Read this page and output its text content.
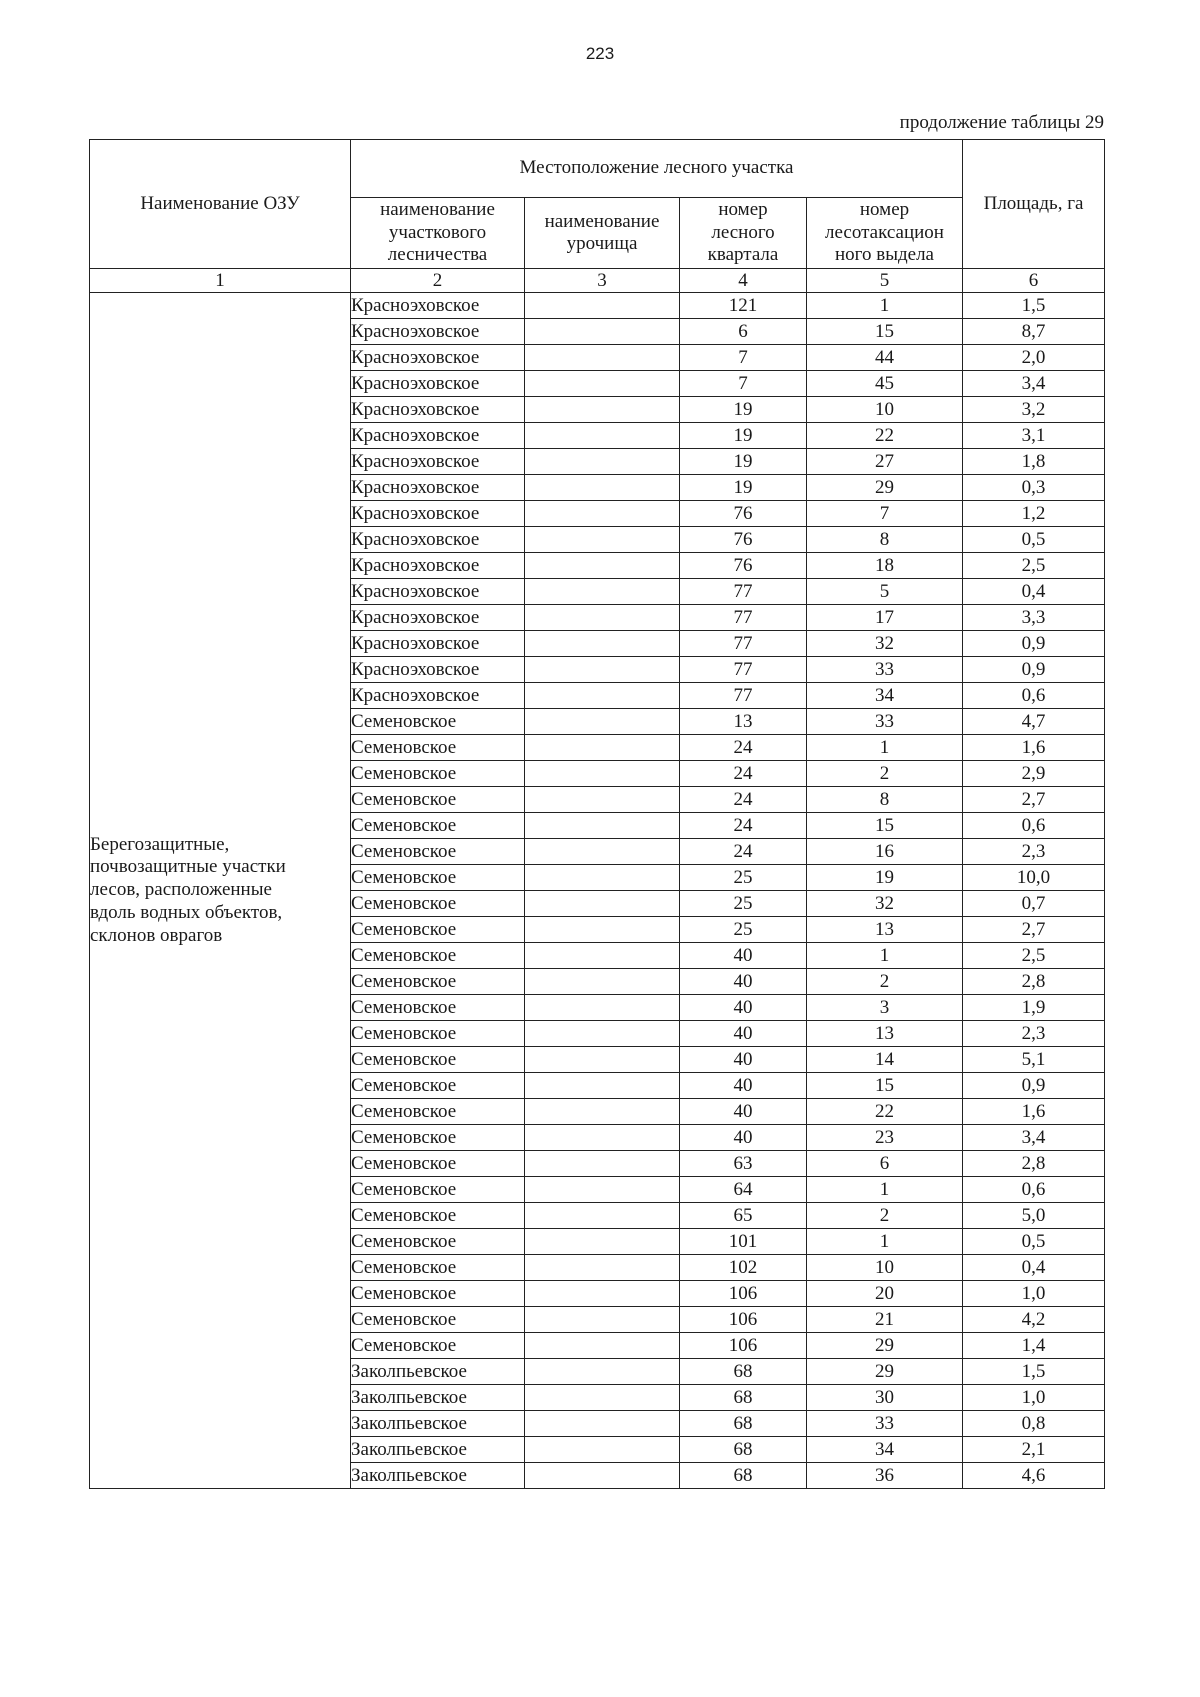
223
продолжение таблицы 29
Наименование ОЗУ	Местоположение лесного участка				Площадь, га
	наименование
участкового
лесничества	наименование
урочища	номер
лесного
квартала	номер
лесотаксацион
ного выдела	
1	2	3	4	5	6
Берегозащитные,
почвозащитные участки
лесов, расположенные
вдоль водных объектов,
склонов оврагов	Красноэховское		121	1	1,5
	Красноэховское		6	15	8,7
	Красноэховское		7	44	2,0
	Красноэховское		7	45	3,4
	Красноэховское		19	10	3,2
	Красноэховское		19	22	3,1
	Красноэховское		19	27	1,8
	Красноэховское		19	29	0,3
	Красноэховское		76	7	1,2
	Красноэховское		76	8	0,5
	Красноэховское		76	18	2,5
	Красноэховское		77	5	0,4
	Красноэховское		77	17	3,3
	Красноэховское		77	32	0,9
	Красноэховское		77	33	0,9
	Красноэховское		77	34	0,6
	Семеновское		13	33	4,7
	Семеновское		24	1	1,6
	Семеновское		24	2	2,9
	Семеновское		24	8	2,7
	Семеновское		24	15	0,6
	Семеновское		24	16	2,3
	Семеновское		25	19	10,0
	Семеновское		25	32	0,7
	Семеновское		25	13	2,7
	Семеновское		40	1	2,5
	Семеновское		40	2	2,8
	Семеновское		40	3	1,9
	Семеновское		40	13	2,3
	Семеновское		40	14	5,1
	Семеновское		40	15	0,9
	Семеновское		40	22	1,6
	Семеновское		40	23	3,4
	Семеновское		63	6	2,8
	Семеновское		64	1	0,6
	Семеновское		65	2	5,0
	Семеновское		101	1	0,5
	Семеновское		102	10	0,4
	Семеновское		106	20	1,0
	Семеновское		106	21	4,2
	Семеновское		106	29	1,4
	Заколпьевское		68	29	1,5
	Заколпьевское		68	30	1,0
	Заколпьевское		68	33	0,8
	Заколпьевское		68	34	2,1
	Заколпьевское		68	36	4,6
